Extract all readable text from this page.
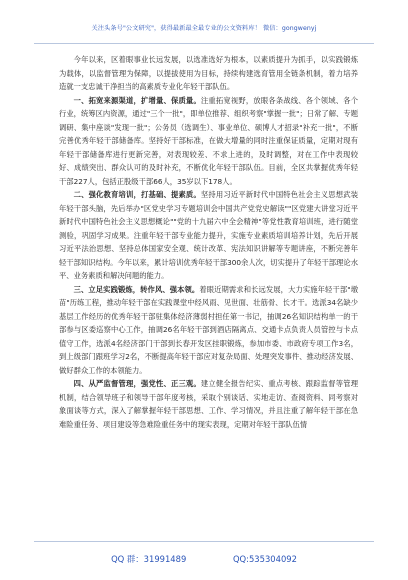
关注头条号"公文研究"，获得最新最全最专业的公文资料库！ 微信：gongwenyj

今年以来，区着眼事业长远发展，以选准选好为根本，以素质提升为抓手，以实践锻炼为载体，以监督管理为保障，以提拔使用为目标，持续构建选育管用全链条机制，着力培养造就一支忠诚干净担当的高素质专业化年轻干部队伍。

一、拓宽来源渠道，扩增量、保质量。注重拓宽视野，放眼各条战线、各个领域、各个行业，统筹区内资源，通过"三个一批"，即单位推荐、组织考察"掌握一批"；日常了解、专题调研、集中座谈"发现一批"；公务员（选调生）、事业单位、硕博人才招录"补充一批"，不断完善优秀年轻干部储备库。坚持好干部标准，在做大增量的同时注重保证质量，定期对现有年轻干部储备库进行更新完善，对表现较差、不求上进的，及时调整，对在工作中表现较好、成绩突出、群众认可的及时补充，不断优化年轻干部队伍。目前，全区共掌握优秀年轻干部227人，包括正股级干部66人，35岁以下178人。

二、强化教育培训，打基础、提素质。坚持用习近平新时代中国特色社会主义思想武装年轻干部头脑，先后举办"区党史学习专题培训会中国共产党党史解读""区党建大讲堂习近平新时代中国特色社会主义思想概论""党的十九届六中全会精神"等党性教育培训班，进行随堂测验，巩固学习成果。注重年轻干部专业能力提升，实施专业素质培训培养计划，先后开展习近平法治思想、坚持总体国家安全观、统计改革、宪法知识讲解等专题讲座，不断完善年轻干部知识结构。今年以来，累计培训优秀年轻干部300余人次，切实提升了年轻干部理论水平、业务素质和解决问题的能力。

三、立足实践锻炼，转作风、强本领。着眼近期需求和长远发展，大力实施年轻干部"墩苗"历练工程，推动年轻干部在实践课堂中经风雨、见世面、壮筋骨、长才干。选派34名缺少基层工作经历的优秀年轻干部驻集体经济薄弱村担任第一书记，抽调26名知识结构单一的干部参与区委巡察中心工作，抽调26名年轻干部到酒店隔离点、交通卡点负责人员管控与卡点值守工作，选派4名经济部门干部到长春开发区挂职锻炼，参加市委、市政府专项工作3名，到上级部门跟班学习2名，不断提高年轻干部应对复杂局面、处理突发事件、推动经济发展、做好群众工作的本领能力。

四、从严监督管理，强党性、正三观。建立健全报告纪实、重点考核、跟踪监督等管理机制，结合领导班子和领导干部年度考核，采取个别谈话、实地走访、查阅资料、同考察对象面谈等方式，深入了解掌握年轻干部思想、工作、学习情况，并且注重了解年轻干部在急难险重任务、项目建设等急难险重任务中的现实表现，定期对年轻干部队伍情

QQ 群：31991489	QQ:535304092
